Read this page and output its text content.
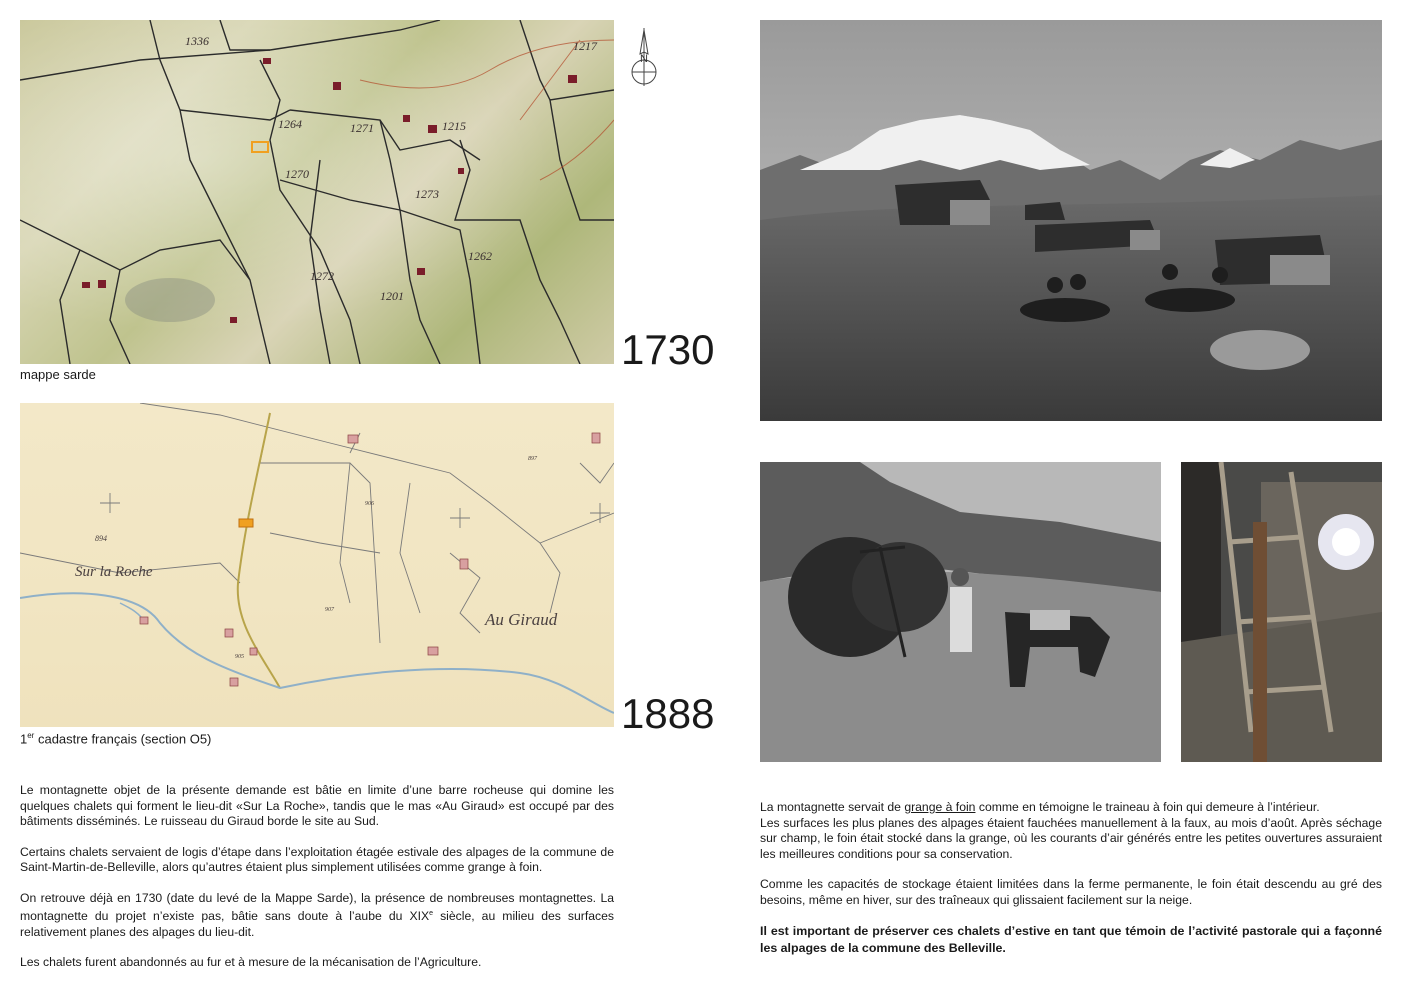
1336	1217
1264	1271
1270
1215
1273
1262
1272
1201
mappe sarde
1730
N
Sur la Roche
Au Giraud
894
906
907
905
897
1er cadastre français (section O5)
1888

Le montagnette objet de la présente demande est bâtie en limite d’une barre rocheuse qui domine les quelques chalets qui forment le lieu-dit «Sur La Roche», tandis que le mas «Au Giraud» est occupé par des bâtiments disséminés. Le ruisseau du Giraud borde le site au Sud.

Certains chalets servaient de logis d’étape dans l’exploitation étagée estivale des alpages de la commune de Saint-Martin-de-Belleville, alors qu’autres étaient plus simplement utilisées comme grange à foin.

On retrouve déjà en 1730 (date du levé de la Mappe Sarde), la présence de nombreuses montagnettes. La montagnette du projet n’existe pas, bâtie sans doute à l’aube du XIXe siècle, au milieu des surfaces relativement planes des alpages du lieu-dit.

Les chalets furent abandonnés au fur et à mesure de la mécanisation de l’Agriculture.

La montagnette servait de grange à foin comme en témoigne le traineau à foin qui demeure à l’intérieur.
Les surfaces les plus planes des alpages étaient fauchées manuellement à la faux, au mois d’août. Après séchage sur champ, le foin était stocké dans la grange, où les courants d’air générés entre les petites ouvertures assuraient les meilleures conditions pour sa conservation.

Comme les capacités de stockage étaient limitées dans la ferme permanente, le foin était descendu au gré des besoins, même en hiver, sur des traîneaux qui glissaient facilement sur la neige.

Il est important de préserver ces chalets d’estive en tant que témoin de l’activité pastorale qui a façonné les alpages de la commune des Belleville.
